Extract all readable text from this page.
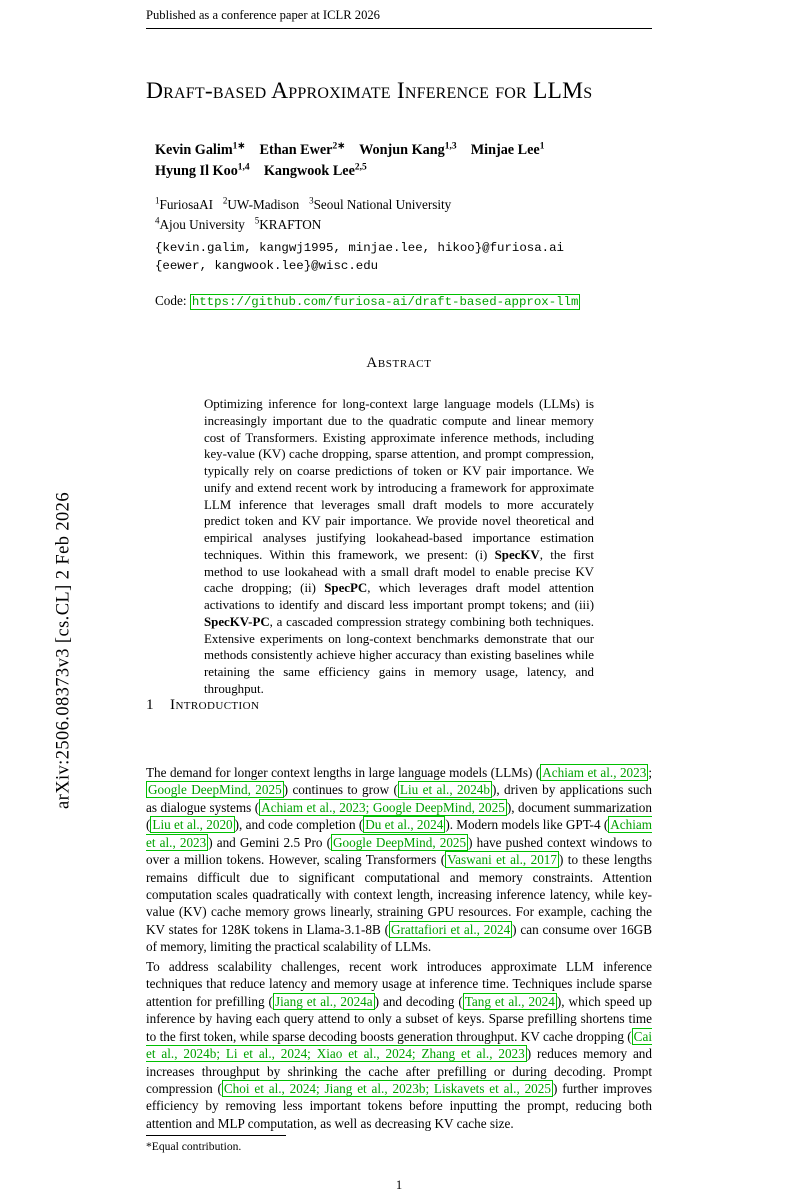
arXiv:2506.08373v3 [cs.CL] 2 Feb 2026
Published as a conference paper at ICLR 2026
Draft-based Approximate Inference for LLMs
Kevin Galim$^{1∗}$ Ethan Ewer$^{2∗}$ Wonjun Kang$^{1,3}$ Minjae Lee$^1$
Hyung Il Koo$^{1,4}$ Kangwook Lee$^{2,5}$
$^1$FuriosaAI $^2$UW-Madison $^3$Seoul National University
$^4$Ajou University $^5$KRAFTON
{kevin.galim, kangwj1995, minjae.lee, hikoo}@furiosa.ai
{eewer, kangwook.lee}@wisc.edu
Code: https://github.com/furiosa-ai/draft-based-approx-llm
Abstract
Optimizing inference for long-context large language models (LLMs) is increasingly important due to the quadratic compute and linear memory cost of Transformers. Existing approximate inference methods, including key-value (KV) cache dropping, sparse attention, and prompt compression, typically rely on coarse predictions of token or KV pair importance. We unify and extend recent work by introducing a framework for approximate LLM inference that leverages small draft models to more accurately predict token and KV pair importance. We provide novel theoretical and empirical analyses justifying lookahead-based importance estimation techniques. Within this framework, we present: (i) SpecKV, the first method to use lookahead with a small draft model to enable precise KV cache dropping; (ii) SpecPC, which leverages draft model attention activations to identify and discard less important prompt tokens; and (iii) SpecKV-PC, a cascaded compression strategy combining both techniques. Extensive experiments on long-context benchmarks demonstrate that our methods consistently achieve higher accuracy than existing baselines while retaining the same efficiency gains in memory usage, latency, and throughput.
1 Introduction
The demand for longer context lengths in large language models (LLMs) ( Achiam et al., 2023 ; Google DeepMind, 2025 ) continues to grow ( Liu et al., 2024b ), driven by applications such as dialogue systems ( Achiam et al., 2023; Google DeepMind, 2025 ), document summarization ( Liu et al., 2020 ), and code completion ( Du et al., 2024 ). Modern models like GPT-4 ( Achiam et al., 2023 ) and Gemini 2.5 Pro ( Google DeepMind, 2025 ) have pushed context windows to over a million tokens. However, scaling Transformers ( Vaswani et al., 2017 ) to these lengths remains difficult due to significant computational and memory constraints. Attention computation scales quadratically with context length, increasing inference latency, while key-value (KV) cache memory grows linearly, straining GPU resources. For example, caching the KV states for 128K tokens in Llama-3.1-8B ( Grattafiori et al., 2024 ) can consume over 16GB of memory, limiting the practical scalability of LLMs.
To address scalability challenges, recent work introduces approximate LLM inference techniques that reduce latency and memory usage at inference time. Techniques include sparse attention for prefilling ( Jiang et al., 2024a ) and decoding ( Tang et al., 2024 ), which speed up inference by having each query attend to only a subset of keys. Sparse prefilling shortens time to the first token, while sparse decoding boosts generation throughput. KV cache dropping ( Cai et al., 2024b; Li et al., 2024; Xiao et al., 2024; Zhang et al., 2023 ) reduces memory and increases throughput by shrinking the cache after prefilling or during decoding. Prompt compression ( Choi et al., 2024; Jiang et al., 2023b; Liskavets et al., 2025 ) further improves efficiency by removing less important tokens before inputting the prompt, reducing both attention and MLP computation, as well as decreasing KV cache size.
*Equal contribution.
1
